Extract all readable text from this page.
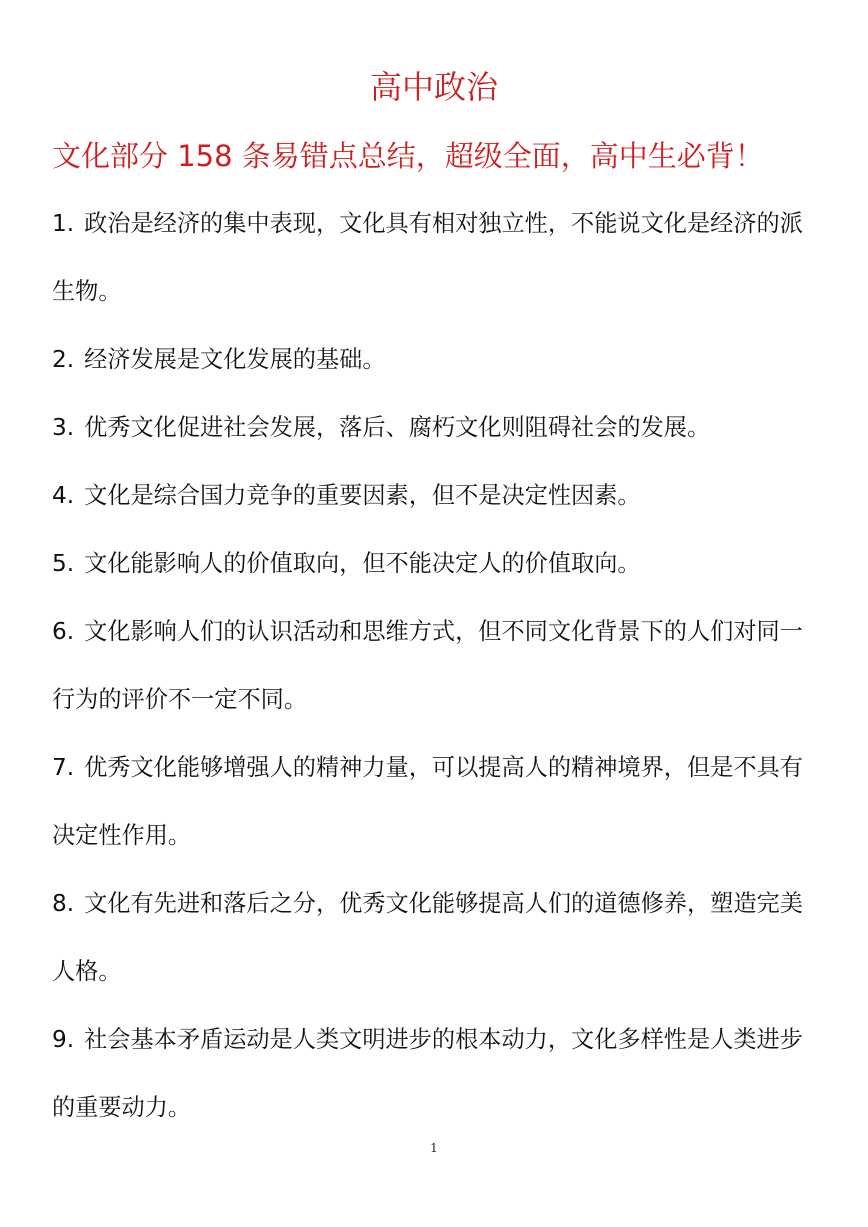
高中政治
文化部分 158 条易错点总结，超级全面，高中生必背！
1. 政治是经济的集中表现，文化具有相对独立性，不能说文化是经济的派生物。
2. 经济发展是文化发展的基础。
3. 优秀文化促进社会发展，落后、腐朽文化则阻碍社会的发展。
4. 文化是综合国力竞争的重要因素，但不是决定性因素。
5. 文化能影响人的价值取向，但不能决定人的价值取向。
6. 文化影响人们的认识活动和思维方式，但不同文化背景下的人们对同一行为的评价不一定不同。
7. 优秀文化能够增强人的精神力量，可以提高人的精神境界，但是不具有决定性作用。
8. 文化有先进和落后之分，优秀文化能够提高人们的道德修养，塑造完美人格。
9. 社会基本矛盾运动是人类文明进步的根本动力，文化多样性是人类进步的重要动力。
1
